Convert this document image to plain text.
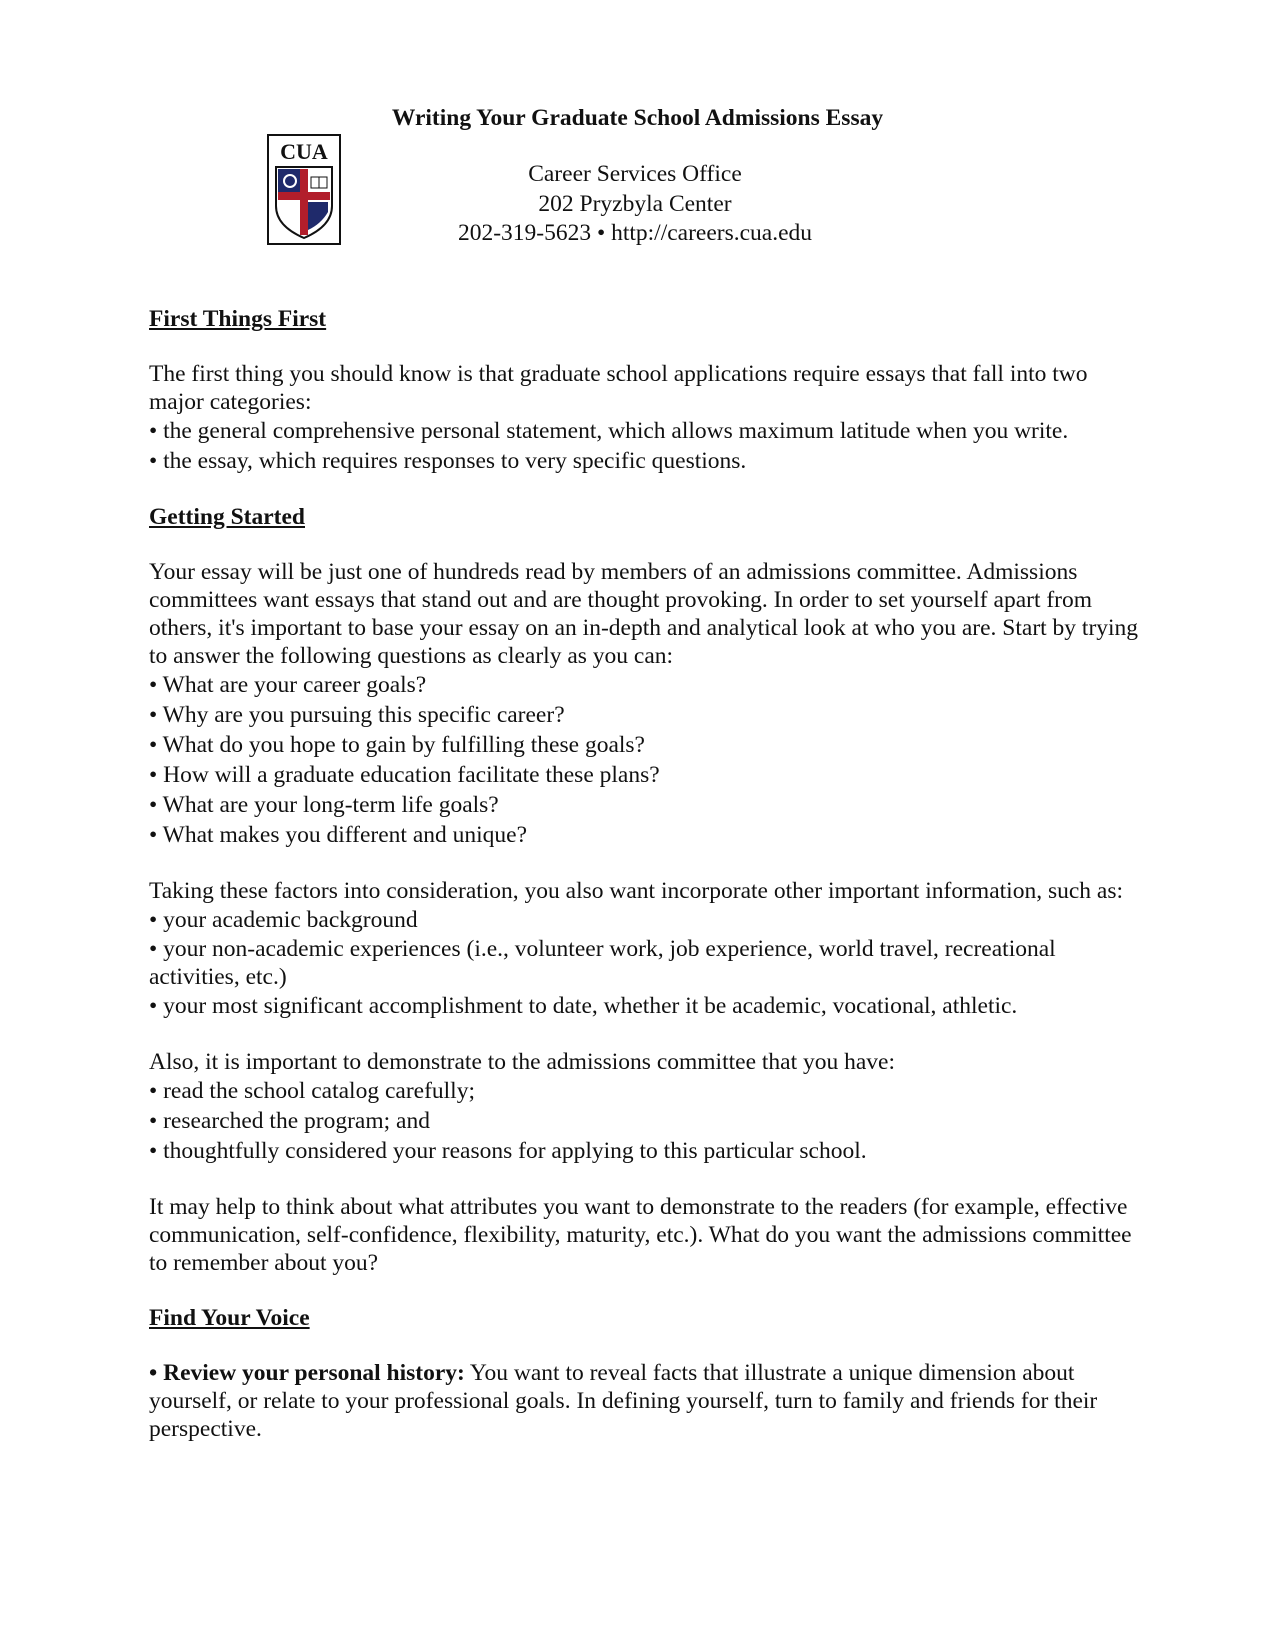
Writing Your Graduate School Admissions Essay
CUA
Career Services Office
202 Pryzbyla Center
202-319-5623 • http://careers.cua.edu

First Things First

The first thing you should know is that graduate school applications require essays that fall into two major categories:

• the general comprehensive personal statement, which allows maximum latitude when you write.

• the essay, which requires responses to very specific questions.

Getting Started

Your essay will be just one of hundreds read by members of an admissions committee. Admissions committees want essays that stand out and are thought provoking. In order to set yourself apart from others, it's important to base your essay on an in-depth and analytical look at who you are. Start by trying to answer the following questions as clearly as you can:

• What are your career goals?

• Why are you pursuing this specific career?

• What do you hope to gain by fulfilling these goals?

• How will a graduate education facilitate these plans?

• What are your long-term life goals?

• What makes you different and unique?

Taking these factors into consideration, you also want incorporate other important information, such as:

• your academic background

• your non-academic experiences (i.e., volunteer work, job experience, world travel, recreational activities, etc.)

• your most significant accomplishment to date, whether it be academic, vocational, athletic.

Also, it is important to demonstrate to the admissions committee that you have:

• read the school catalog carefully;

• researched the program; and

• thoughtfully considered your reasons for applying to this particular school.

It may help to think about what attributes you want to demonstrate to the readers (for example, effective communication, self-confidence, flexibility, maturity, etc.). What do you want the admissions committee to remember about you?

Find Your Voice

• Review your personal history: You want to reveal facts that illustrate a unique dimension about yourself, or relate to your professional goals. In defining yourself, turn to family and friends for their perspective.
